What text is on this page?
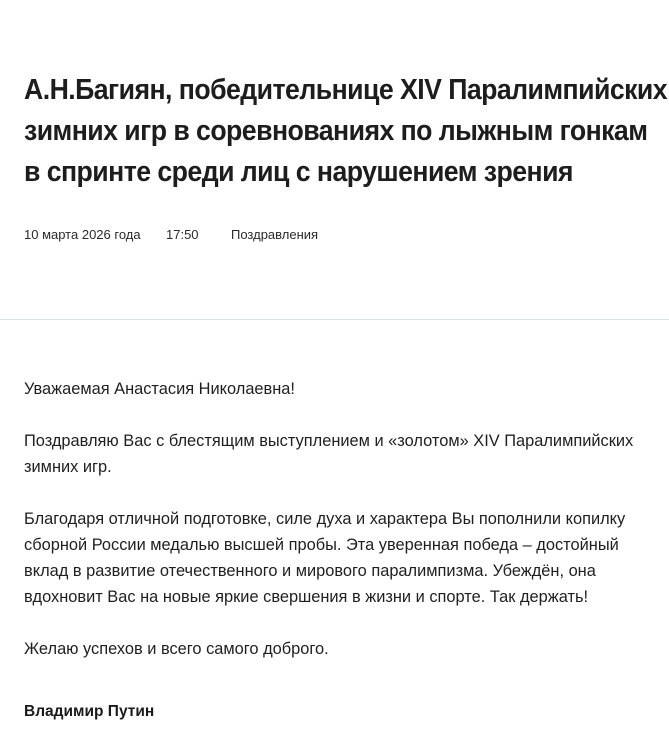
А.Н.Багиян, победительнице XIV Паралимпийских
зимних игр в соревнованиях по лыжным гонкам
в спринте среди лиц с нарушением зрения
10 марта 2026 года	17:50	Поздравления

Уважаемая Анастасия Николаевна!

Поздравляю Вас с блестящим выступлением и «золотом» XIV Паралимпийских
зимних игр.

Благодаря отличной подготовке, силе духа и характера Вы пополнили копилку
сборной России медалью высшей пробы. Эта уверенная победа – достойный
вклад в развитие отечественного и мирового паралимпизма. Убеждён, она
вдохновит Вас на новые яркие свершения в жизни и спорте. Так держать!

Желаю успехов и всего самого доброго.

Владимир Путин
